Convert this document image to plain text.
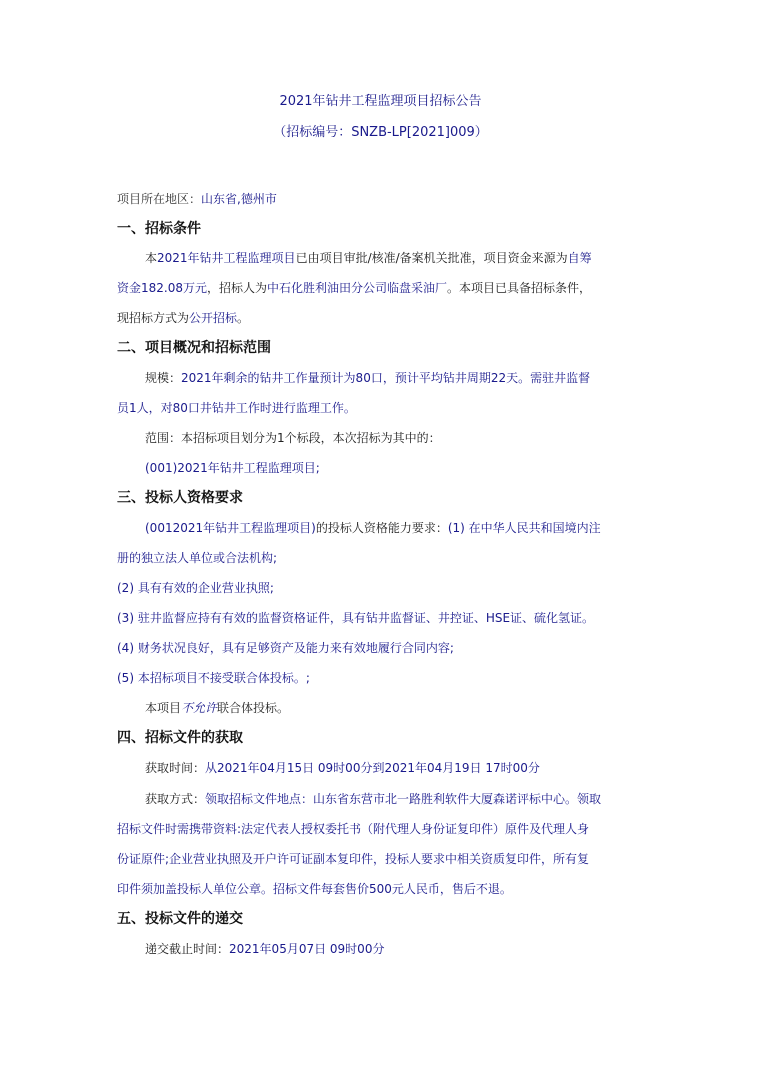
2021年钻井工程监理项目招标公告
（招标编号：SNZB-LP[2021]009）
项目所在地区：山东省,德州市
一、招标条件
本2021年钻井工程监理项目已由项目审批/核准/备案机关批准，项目资金来源为自筹
资金182.08万元，招标人为中石化胜利油田分公司临盘采油厂。本项目已具备招标条件，
现招标方式为公开招标。
二、项目概况和招标范围
规模：2021年剩余的钻井工作量预计为80口，预计平均钻井周期22天。需驻井监督
员1人，对80口井钻井工作时进行监理工作。
范围：本招标项目划分为1个标段，本次招标为其中的：
(001)2021年钻井工程监理项目;
三、投标人资格要求
(0012021年钻井工程监理项目)的投标人资格能力要求：(1) 在中华人民共和国境内注
册的独立法人单位或合法机构;
(2) 具有有效的企业营业执照;
(3) 驻井监督应持有有效的监督资格证件，具有钻井监督证、井控证、HSE证、硫化氢证。
(4) 财务状况良好，具有足够资产及能力来有效地履行合同内容;
(5) 本招标项目不接受联合体投标。;
本项目不允许联合体投标。
四、招标文件的获取
获取时间：从2021年04月15日 09时00分到2021年04月19日 17时00分
获取方式：领取招标文件地点：山东省东营市北一路胜利软件大厦森诺评标中心。领取
招标文件时需携带资料:法定代表人授权委托书（附代理人身份证复印件）原件及代理人身
份证原件;企业营业执照及开户许可证副本复印件，投标人要求中相关资质复印件，所有复
印件须加盖投标人单位公章。招标文件每套售价500元人民币，售后不退。
五、投标文件的递交
递交截止时间：2021年05月07日 09时00分
